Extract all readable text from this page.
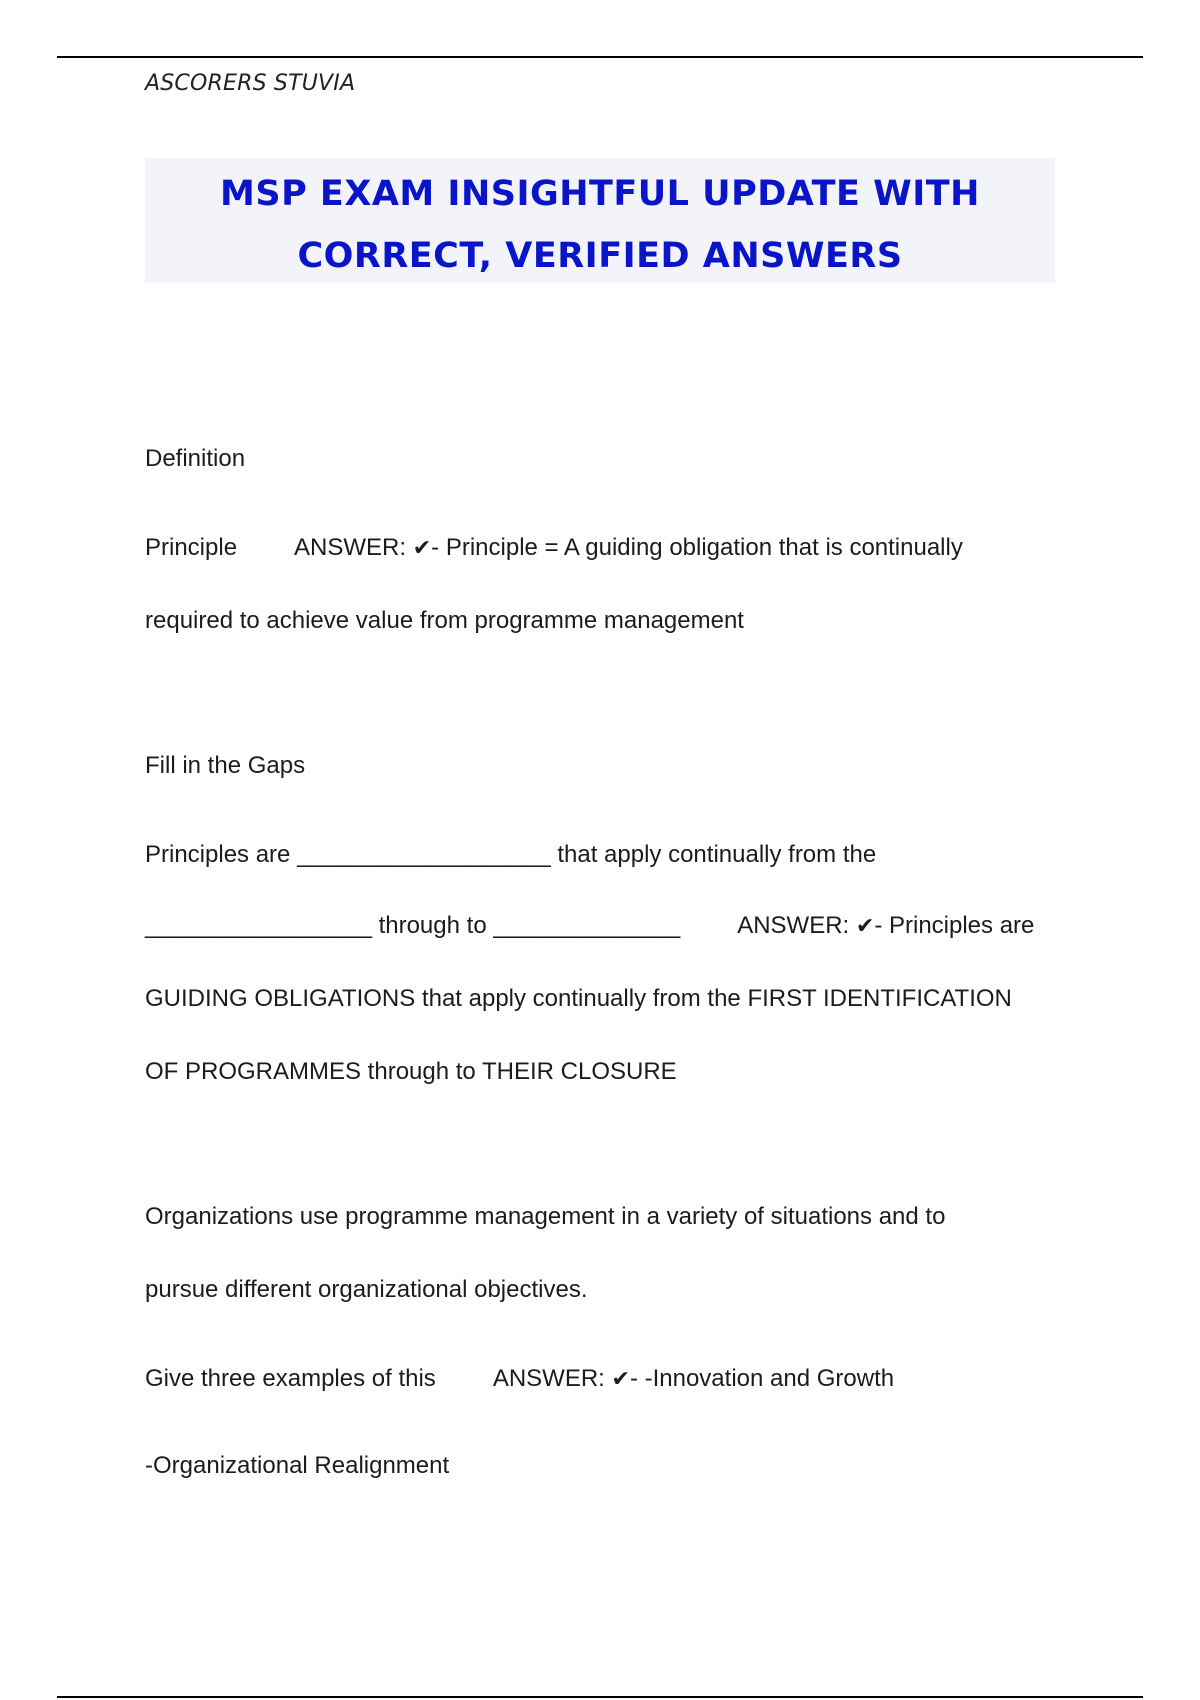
ASCORERS STUVIA
MSP EXAM INSIGHTFUL UPDATE WITH
CORRECT, VERIFIED ANSWERS
Definition
Principle ANSWER: ✔- Principle = A guiding obligation that is continually
required to achieve value from programme management
Fill in the Gaps
Principles are ___________________ that apply continually from the
_________________ through to ______________ ANSWER: ✔- Principles are
GUIDING OBLIGATIONS that apply continually from the FIRST IDENTIFICATION
OF PROGRAMMES through to THEIR CLOSURE
Organizations use programme management in a variety of situations and to
pursue different organizational objectives.
Give three examples of this ANSWER: ✔- -Innovation and Growth
-Organizational Realignment
